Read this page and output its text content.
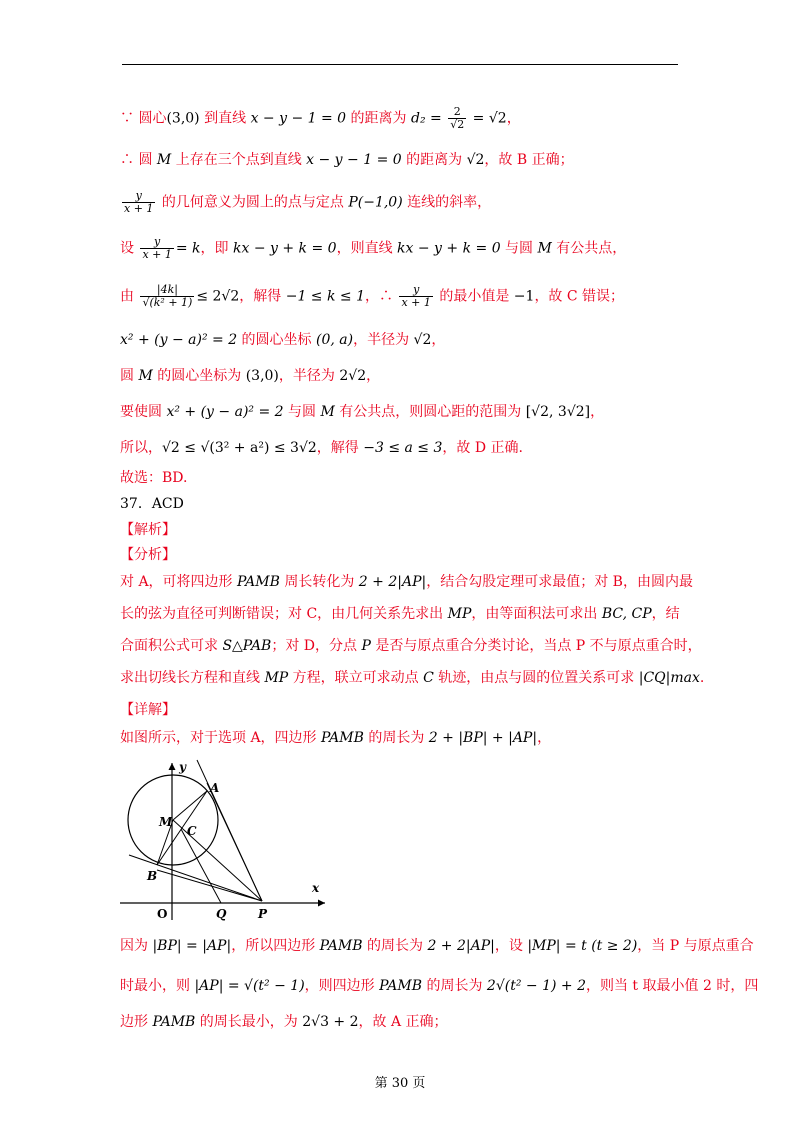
∵ 圆心(3,0) 到直线 x − y − 1 = 0 的距离为 $d_2 = \frac{2}{√2} = √2$，
∴ 圆 M 上存在三个点到直线 x − y − 1 = 0 的距离为 √2，故 B 正确；
$\frac{y}{x + 1}$ 的几何意义为圆上的点与定点 P(−1,0) 连线的斜率，
设 $\frac{y}{x + 1} = k$，即 kx − y + k = 0，则直线 kx − y + k = 0 与圆 M 有公共点，
由 $\frac{|4k|}{\text{√(k² + 1)}} \le 2√2$，解得 −1 ≤ k ≤ 1，∴ $\frac{y}{x + 1}$ 的最小值是 −1，故 C 错误；
x² + (y − a)² = 2 的圆心坐标 (0, a)，半径为 √2，
圆 M 的圆心坐标为 (3,0)，半径为 2√2，
要使圆 x² + (y − a)² = 2 与圆 M 有公共点，则圆心距的范围为 [√2, 3√2]，
所以，√2 ≤ √(3² + a²) ≤ 3√2，解得 −3 ≤ a ≤ 3，故 D 正确.
故选：BD.
37．ACD
【解析】
【分析】
对 A，可将四边形 PAMB 周长转化为 2 + 2|AP|，结合勾股定理可求最值；对 B，由圆内最
长的弦为直径可判断错误；对 C，由几何关系先求出 MP，由等面积法可求出 BC, CP，结
合面积公式可求 S△PAB；对 D，分点 P 是否与原点重合分类讨论，当点 P 不与原点重合时，
求出切线长方程和直线 MP 方程，联立可求动点 C 轨迹，由点与圆的位置关系可求 |CQ|max.
【详解】
如图所示，对于选项 A，四边形 PAMB 的周长为 2 + |BP| + |AP|，
y
x
O	Q	P
A
B
C
M
因为 |BP| = |AP|，所以四边形 PAMB 的周长为 2 + 2|AP|，设 |MP| = t (t ≥ 2)，当 P 与原点重合
时最小，则 |AP| = √(t² − 1)，则四边形 PAMB 的周长为 2√(t² − 1) + 2，则当 t 取最小值 2 时，四
边形 PAMB 的周长最小，为 2√3 + 2，故 A 正确；
第 30 页
